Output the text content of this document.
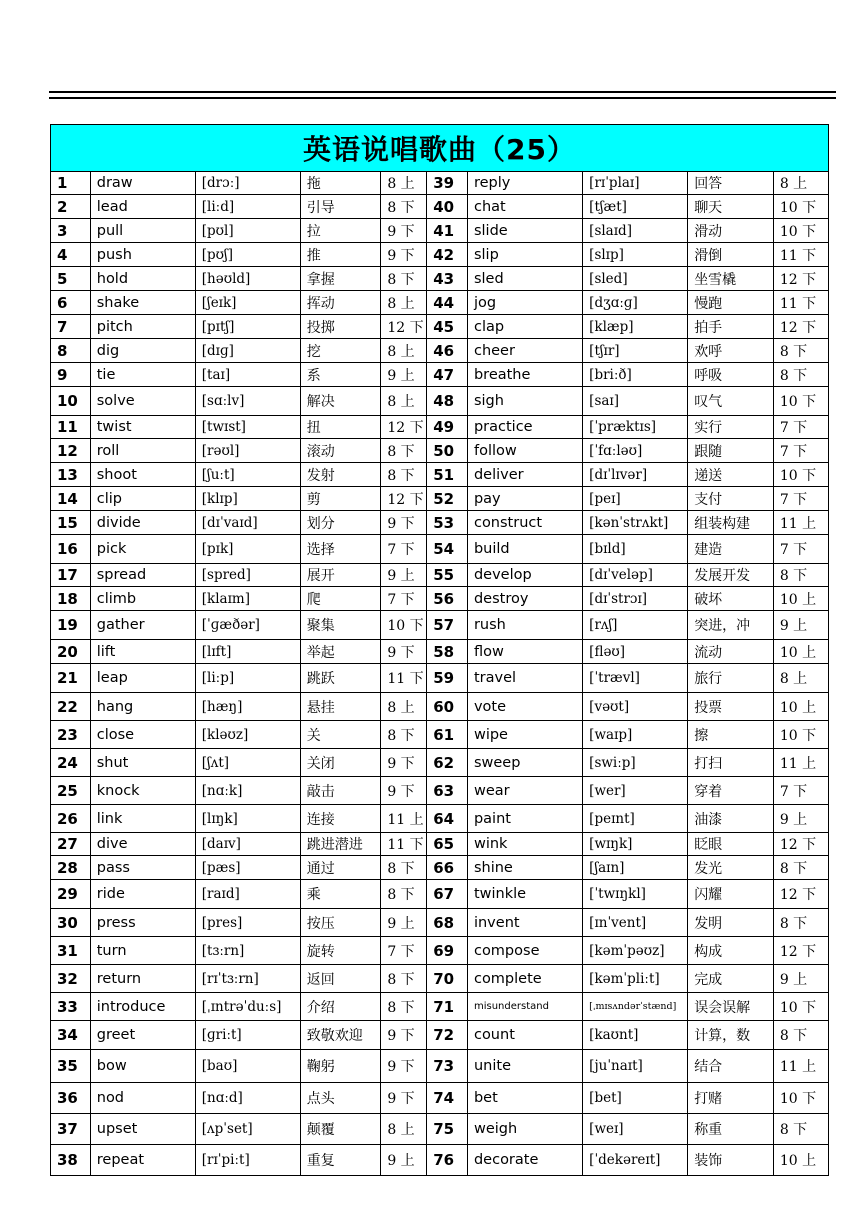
英语说唱歌曲（25）									
1	draw	[drɔː]	拖	8 上	39	reply	[rɪˈplaɪ]	回答	8 上
2	lead	[liːd]	引导	8 下	40	chat	[tʃæt]	聊天	10 下
3	pull	[pʊl]	拉	9 下	41	slide	[slaɪd]	滑动	10 下
4	push	[pʊʃ]	推	9 下	42	slip	[slɪp]	滑倒	11 下
5	hold	[həʊld]	拿握	8 下	43	sled	[sled]	坐雪橇	12 下
6	shake	[ʃeɪk]	挥动	8 上	44	jog	[dʒɑːɡ]	慢跑	11 下
7	pitch	[pɪtʃ]	投掷	12 下	45	clap	[klæp]	拍手	12 下
8	dig	[dɪɡ]	挖	8 上	46	cheer	[tʃɪr]	欢呼	8 下
9	tie	[taɪ]	系	9 上	47	breathe	[briːð]	呼吸	8 下
10	solve	[sɑːlv]	解决	8 上	48	sigh	[saɪ]	叹气	10 下
11	twist	[twɪst]	扭	12 下	49	practice	[ˈpræktɪs]	实行	7 下
12	roll	[rəʊl]	滚动	8 下	50	follow	[ˈfɑːləʊ]	跟随	7 下
13	shoot	[ʃuːt]	发射	8 下	51	deliver	[dɪˈlɪvər]	递送	10 下
14	clip	[klɪp]	剪	12 下	52	pay	[peɪ]	支付	7 下
15	divide	[dɪˈvaɪd]	划分	9 下	53	construct	[kənˈstrʌkt]	组装构建	11 上
16	pick	[pɪk]	选择	7 下	54	build	[bɪld]	建造	7 下
17	spread	[spred]	展开	9 上	55	develop	[dɪˈveləp]	发展开发	8 下
18	climb	[klaɪm]	爬	7 下	56	destroy	[dɪˈstrɔɪ]	破坏	10 上
19	gather	[ˈɡæðər]	聚集	10 下	57	rush	[rʌʃ]	突进，冲	9 上
20	lift	[lɪft]	举起	9 下	58	flow	[fləʊ]	流动	10 上
21	leap	[liːp]	跳跃	11 下	59	travel	[ˈtrævl]	旅行	8 上
22	hang	[hæŋ]	悬挂	8 上	60	vote	[vəʊt]	投票	10 上
23	close	[kləʊz]	关	8 下	61	wipe	[waɪp]	擦	10 下
24	shut	[ʃʌt]	关闭	9 下	62	sweep	[swiːp]	打扫	11 上
25	knock	[nɑːk]	敲击	9 下	63	wear	[wer]	穿着	7 下
26	link	[lɪŋk]	连接	11 上	64	paint	[peɪnt]	油漆	9 上
27	dive	[daɪv]	跳进潜进	11 下	65	wink	[wɪŋk]	眨眼	12 下
28	pass	[pæs]	通过	8 下	66	shine	[ʃaɪn]	发光	8 下
29	ride	[raɪd]	乘	8 下	67	twinkle	[ˈtwɪŋkl]	闪耀	12 下
30	press	[pres]	按压	9 上	68	invent	[ɪnˈvent]	发明	8 下
31	turn	[tɜːrn]	旋转	7 下	69	compose	[kəmˈpəʊz]	构成	12 下
32	return	[rɪˈtɜːrn]	返回	8 下	70	complete	[kəmˈpliːt]	完成	9 上
33	introduce	[ˌɪntrəˈduːs]	介绍	8 下	71	misunderstand	[ˌmɪsʌndərˈstænd]	误会误解	10 下
34	greet	[ɡriːt]	致敬欢迎	9 下	72	count	[kaʊnt]	计算，数	8 下
35	bow	[baʊ]	鞠躬	9 下	73	unite	[juˈnaɪt]	结合	11 上
36	nod	[nɑːd]	点头	9 下	74	bet	[bet]	打赌	10 下
37	upset	[ʌpˈset]	颠覆	8 上	75	weigh	[weɪ]	称重	8 下
38	repeat	[rɪˈpiːt]	重复	9 上	76	decorate	[ˈdekəreɪt]	装饰	10 上
